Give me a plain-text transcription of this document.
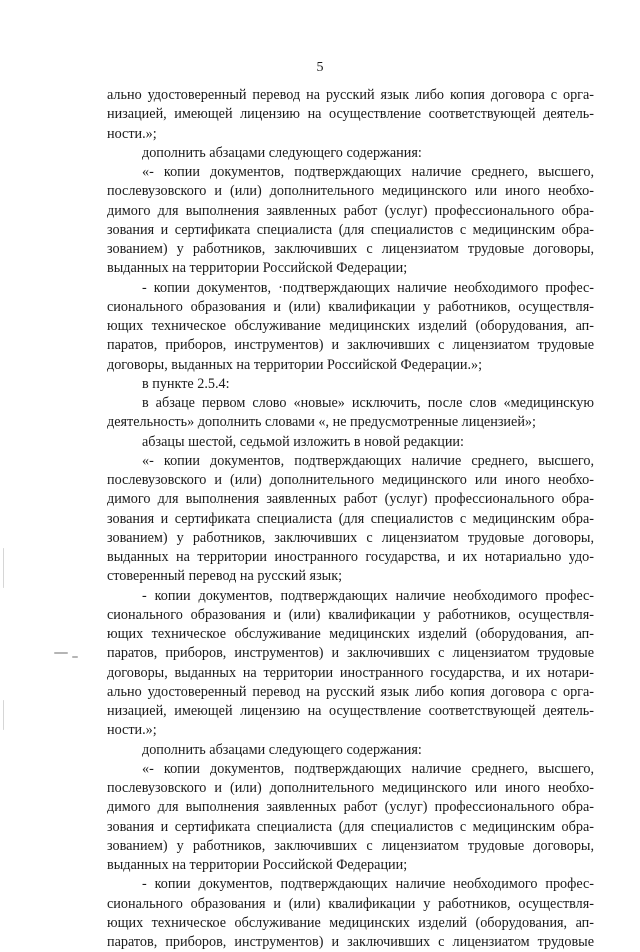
5
ально удостоверенный перевод на русский язык либо копия договора с орга-
низацией, имеющей лицензию на осуществление соответствующей деятель-
ности.»;
дополнить абзацами следующего содержания:
«- копии документов, подтверждающих наличие среднего, высшего,
послевузовского и (или) дополнительного медицинского или иного необхо-
димого для выполнения заявленных работ (услуг) профессионального обра-
зования и сертификата специалиста (для специалистов с медицинским обра-
зованием) у работников, заключивших с лицензиатом трудовые договоры,
выданных на территории Российской Федерации;
- копии документов, ·подтверждающих наличие необходимого профес-
сионального образования и (или) квалификации у работников, осуществля-
ющих техническое обслуживание медицинских изделий (оборудования, ап-
паратов, приборов, инструментов) и заключивших с лицензиатом трудовые
договоры, выданных на территории Российской Федерации.»;
в пункте 2.5.4:
в абзаце первом слово «новые» исключить, после слов «медицинскую
деятельность» дополнить словами «, не предусмотренные лицензией»;
абзацы шестой, седьмой изложить в новой редакции:
«- копии документов, подтверждающих наличие среднего, высшего,
послевузовского и (или) дополнительного медицинского или иного необхо-
димого для выполнения заявленных работ (услуг) профессионального обра-
зования и сертификата специалиста (для специалистов с медицинским обра-
зованием) у работников, заключивших с лицензиатом трудовые договоры,
выданных на территории иностранного государства, и их нотариально удо-
стоверенный перевод на русский язык;
- копии документов, подтверждающих наличие необходимого профес-
сионального образования и (или) квалификации у работников, осуществля-
ющих техническое обслуживание медицинских изделий (оборудования, ап-
паратов, приборов, инструментов) и заключивших с лицензиатом трудовые
договоры, выданных на территории иностранного государства, и их нотари-
ально удостоверенный перевод на русский язык либо копия договора с орга-
низацией, имеющей лицензию на осуществление соответствующей деятель-
ности.»;
дополнить абзацами следующего содержания:
«- копии документов, подтверждающих наличие среднего, высшего,
послевузовского и (или) дополнительного медицинского или иного необхо-
димого для выполнения заявленных работ (услуг) профессионального обра-
зования и сертификата специалиста (для специалистов с медицинским обра-
зованием) у работников, заключивших с лицензиатом трудовые договоры,
выданных на территории Российской Федерации;
- копии документов, подтверждающих наличие необходимого профес-
сионального образования и (или) квалификации у работников, осуществля-
ющих техническое обслуживание медицинских изделий (оборудования, ап-
паратов, приборов, инструментов) и заключивших с лицензиатом трудовые
